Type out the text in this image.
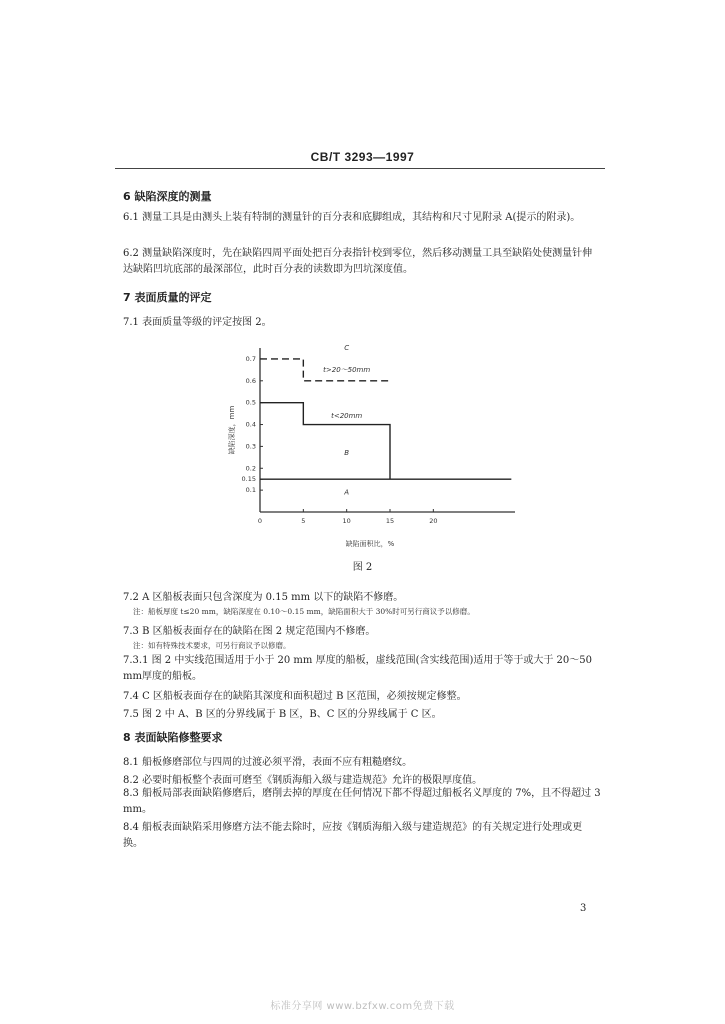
CB/T 3293—1997
6 缺陷深度的测量
6.1 测量工具是由测头上装有特制的测量针的百分表和底脚组成，其结构和尺寸见附录 A(提示的附录)。
6.2 测量缺陷深度时，先在缺陷四周平面处把百分表指针校到零位，然后移动测量工具至缺陷处使测量针伸达缺陷凹坑底部的最深部位，此时百分表的读数即为凹坑深度值。
7 表面质量的评定
7.1 表面质量等级的评定按图 2。
0.1
0.15
0.2
0.3
0.4
0.5
0.6
0.7
0	5	10	15	20
C
t>20～50mm
t<20mm
B
A
缺陷深度，mm
缺陷面积比，%
图 2
7.2 A 区船板表面只包含深度为 0.15 mm 以下的缺陷不修磨。
注：船板厚度 t≤20 mm，缺陷深度在 0.10～0.15 mm，缺陷面积大于 30%时可另行商议予以修磨。
7.3 B 区船板表面存在的缺陷在图 2 规定范围内不修磨。
注：如有特殊技术要求，可另行商议予以修磨。
7.3.1 图 2 中实线范围适用于小于 20 mm 厚度的船板，虚线范围(含实线范围)适用于等于或大于 20～50 mm厚度的船板。
7.4 C 区船板表面存在的缺陷其深度和面积超过 B 区范围，必须按规定修整。
7.5 图 2 中 A、B 区的分界线属于 B 区，B、C 区的分界线属于 C 区。
8 表面缺陷修整要求
8.1 船板修磨部位与四周的过渡必须平滑，表面不应有粗糙磨纹。
8.2 必要时船板整个表面可磨至《钢质海船入级与建造规范》允许的极限厚度值。
8.3 船板局部表面缺陷修磨后，磨削去掉的厚度在任何情况下都不得超过船板名义厚度的 7%，且不得超过 3 mm。
8.4 船板表面缺陷采用修磨方法不能去除时，应按《钢质海船入级与建造规范》的有关规定进行处理或更换。
3
标准分享网 www.bzfxw.com免费下载
